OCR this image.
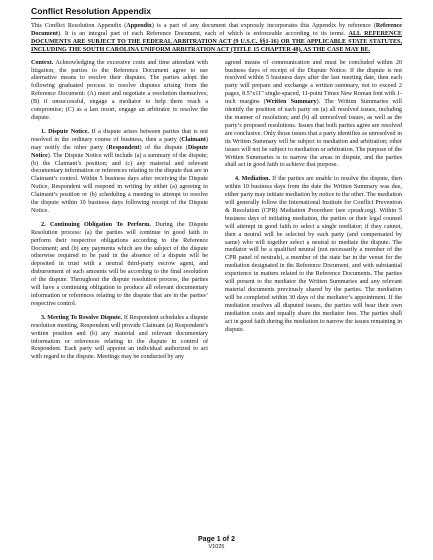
Conflict Resolution Appendix

This Conflict Resolution Appendix (Appendix) is a part of any document that expressly incorporates this Appendix by reference (Reference Document). It is an integral part of each Reference Document, each of which is enforceable according to its terms. ALL REFERENCE DOCUMENTS ARE SUBJECT TO THE FEDERAL ARBITRATION ACT (9 U.S.C. §§1-16) OR THE APPLICABLE STATE STATUTES, INCLUDING THE SOUTH CAROLINA UNIFORM ARBITRATION ACT (TITLE 15 CHAPTER 48), AS THE CASE MAY BE.

Context. Acknowledging the excessive costs and time attendant with litigation, the parties to the Reference Document agree to use alternative means to resolve their disputes. The parties adopt the following graduated process to resolve disputes arising from the Reference Document: (A) meet and negotiate a resolution themselves; (B) if unsuccessful, engage a mediator to help them reach a compromise; (C) as a last resort, engage an arbitrator to resolve the dispute.

1. Dispute Notice. If a dispute arises between parties that is not resolved in the ordinary course of business, then a party (Claimant) may notify the other party (Respondent) of the dispute (Dispute Notice). The Dispute Notice will include (a) a summary of the dispute; (b) the Claimant’s position; and (c) any material and relevant documentary information or references relating to the dispute that are in Claimant’s control. Within 5 business days after receiving the Dispute Notice, Respondent will respond in writing by either (a) agreeing to Claimant’s position or (b) scheduling a meeting to attempt to resolve the dispute within 10 business days following receipt of the Dispute Notice.

2. Continuing Obligation To Perform. During the Dispute Resolution process: (a) the parties will continue in good faith to perform their respective obligations according to the Reference Document; and (b) any payments which are the subject of the dispute otherwise required to be paid in the absence of a dispute will be deposited in trust with a neutral third-party escrow agent, and disbursement of such amounts will be according to the final resolution of the dispute. Throughout the dispute resolution process, the parties will have a continuing obligation to produce all relevant documentary information or references relating to the dispute that are in the parties’ respective control.

3. Meeting To Resolve Dispute. If Respondent schedules a dispute resolution meeting, Respondent will provide Claimant (a) Respondent’s written position and (b) any material and relevant documentary information or references relating to the dispute in control of Respondent. Each party will appoint an individual authorized to act with regard to the dispute. Meetings may be conducted by any

agreed means of communication and must be concluded within 20 business days of receipt of the Dispute Notice. If the dispute is not resolved within 5 business days after the last meeting date, then each party will prepare and exchange a written summary, not to exceed 2 pages, 8.5"x11" single-spaced, 11-point Times New Roman font with 1-inch margins (Written Summary). The Written Summaries will identify the position of each party on (a) all resolved issues, including the manner of resolution; and (b) all unresolved issues, as well as the party’s proposed resolutions. Issues that both parties agree are resolved are conclusive. Only those issues that a party identifies as unresolved in its Written Summary will be subject to mediation and arbitration; other issues will not be subject to mediation or arbitration. The purpose of the Written Summaries is to narrow the areas in dispute, and the parties shall act in good faith to achieve that purpose.

4. Mediation. If the parties are unable to resolve the dispute, then within 10 business days from the date the Written Summary was due, either party may initiate mediation by notice to the other. The mediation will generally follow the International Institute for Conflict Prevention & Resolution (CPR) Mediation Procedure (see cpradr.org). Within 5 business days of initiating mediation, the parties or their legal counsel will attempt in good faith to select a single mediator; if they cannot, then a neutral will be selected by each party (and compensated by same) who will together select a neutral to mediate the dispute. The mediator will be a qualified neutral (not necessarily a member of the CPR panel of neutrals), a member of the state bar in the venue for the mediation designated in the Reference Document, and with substantial experience in matters related to the Reference Documents. The parties will present to the mediator the Written Summaries and any relevant material documents previously shared by the parties. The mediation will be completed within 30 days of the mediator’s appointment. If the mediation resolves all disputed issues, the parties will bear their own mediation costs and equally share the mediator fees. The parties shall act in good faith during the mediation to narrow the issues remaining in dispute.

Page 1 of 2
V1025
